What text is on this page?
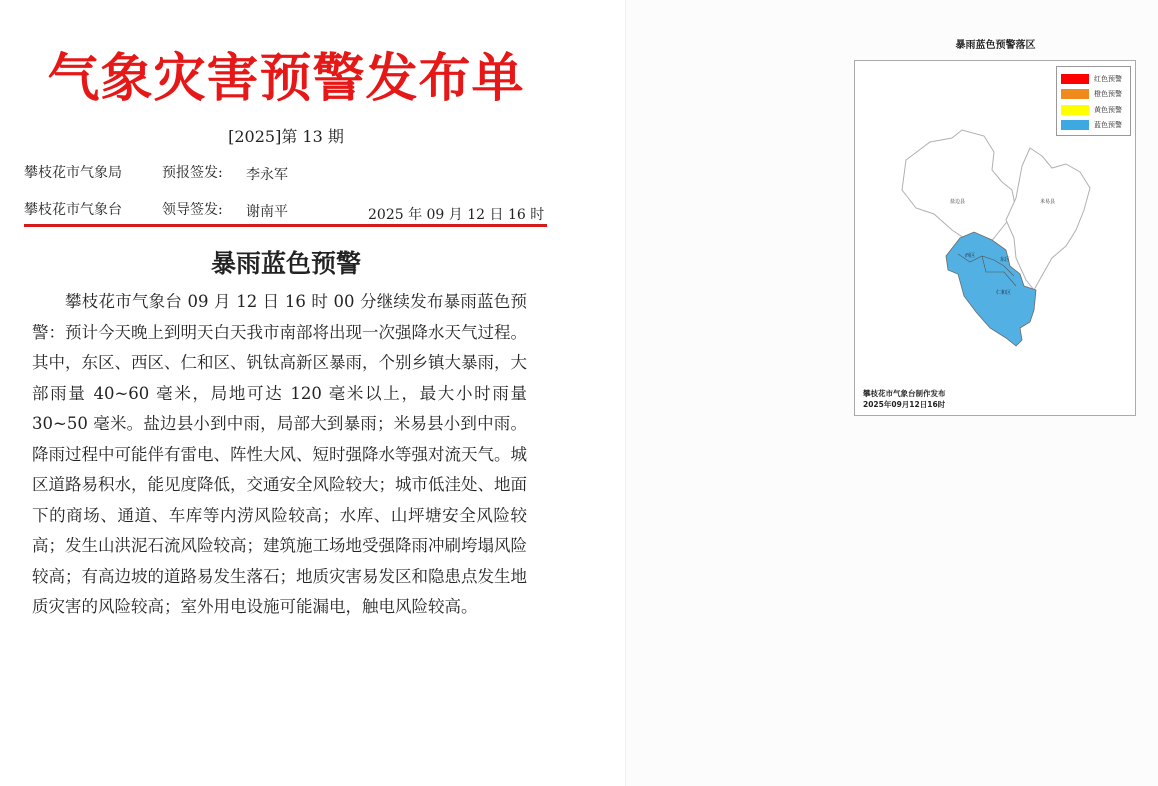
气象灾害预警发布单
[2025]第 13 期
攀枝花市气象局	预报签发: 李永军
攀枝花市气象台	领导签发: 谢南平	2025 年 09 月 12 日 16 时
暴雨蓝色预警

攀枝花市气象台 09 月 12 日 16 时 00 分继续发布暴雨蓝色预警：预计今天晚上到明天白天我市南部将出现一次强降水天气过程。其中，东区、西区、仁和区、钒钛高新区暴雨，个别乡镇大暴雨，大部雨量 40~60 毫米，局地可达 120 毫米以上，最大小时雨量 30~50 毫米。盐边县小到中雨，局部大到暴雨；米易县小到中雨。降雨过程中可能伴有雷电、阵性大风、短时强降水等强对流天气。城区道路易积水，能见度降低，交通安全风险较大；城市低洼处、地面下的商场、通道、车库等内涝风险较高；水库、山坪塘安全风险较高；发生山洪泥石流风险较高；建筑施工场地受强降雨冲刷垮塌风险较高；有高边坡的道路易发生落石；地质灾害易发区和隐患点发生地质灾害的风险较高；室外用电设施可能漏电，触电风险较高。

暴雨蓝色预警落区
盐边县	米易县
西区
东区
仁和区
红色预警
橙色预警
黄色预警
蓝色预警
攀枝花市气象台制作发布
2025年09月12日16时
